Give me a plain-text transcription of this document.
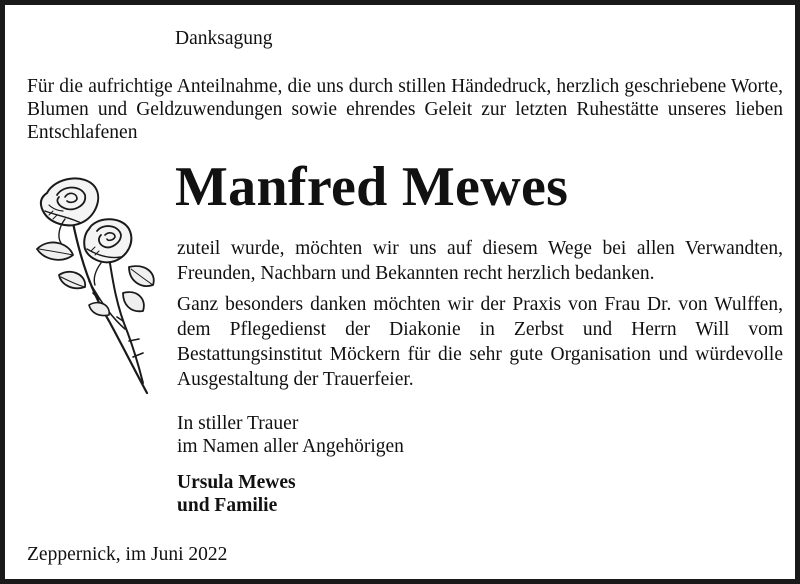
Danksagung

Für die aufrichtige Anteilnahme, die uns durch stillen Händedruck, herzlich geschriebene Worte, Blumen und Geldzuwendungen sowie ehrendes Geleit zur letzten Ruhestätte unseres lieben Entschlafenen

Manfred Mewes

zuteil wurde, möchten wir uns auf diesem Wege bei allen Verwandten, Freunden, Nachbarn und Bekannten recht herzlich bedanken.

Ganz besonders danken möchten wir der Praxis von Frau Dr. von Wulffen, dem Pflegedienst der Diakonie in Zerbst und Herrn Will vom Bestattungsinstitut Möckern für die sehr gute Organisation und würdevolle Ausgestaltung der Trauerfeier.

In stiller Trauer
im Namen aller Angehörigen
Ursula Mewes
und Familie

Zeppernick, im Juni 2022
